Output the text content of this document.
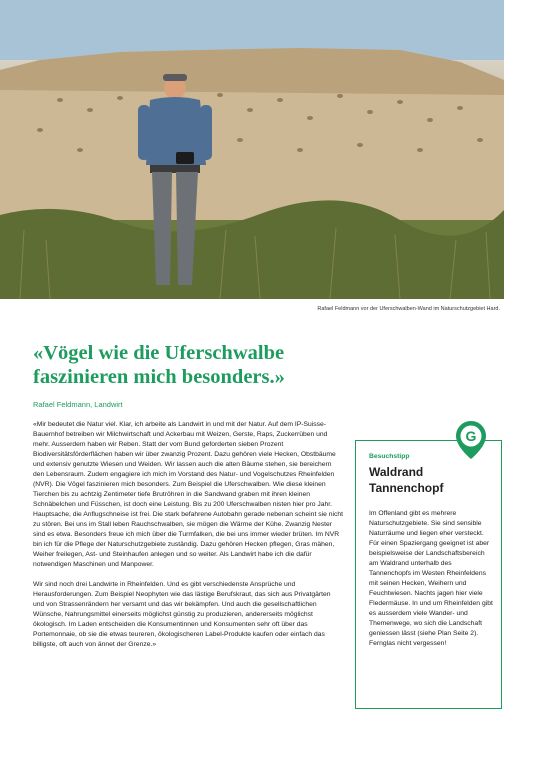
Rafael Feldmann vor der Uferschwalben-Wand im Naturschutzgebiet Hard.
«Vögel wie die Uferschwalbe faszinieren mich besonders.»
Rafael Feldmann, Landwirt

«Mir bedeutet die Natur viel. Klar, ich arbeite als Landwirt in und mit der Natur. Auf dem IP-Suisse-Bauernhof betreiben wir Milchwirtschaft und Ackerbau mit Weizen, Gerste, Raps, Zuckerrüben und mehr. Ausserdem haben wir Reben. Statt der vom Bund geforderten sieben Prozent Biodiversitätsförderflächen haben wir über zwanzig Prozent. Dazu gehören viele Hecken, Obstbäume und extensiv genutzte Wiesen und Weiden. Wir lassen auch die alten Bäume stehen, sie bereichern den Lebensraum. Zudem engagiere ich mich im Vorstand des Natur- und Vogelschutzes Rheinfelden (NVR). Die Vögel faszinieren mich besonders. Zum Beispiel die Uferschwalben. Wie diese kleinen Tierchen bis zu achtzig Zentimeter tiefe Brutröhren in die Sandwand graben mit ihren kleinen Schnäbelchen und Füsschen, ist doch eine Leistung. Bis zu 200 Uferschwalben nisten hier pro Jahr. Hauptsache, die Anflugschneise ist frei. Die stark befahrene Autobahn gerade nebenan scheint sie nicht zu stören. Bei uns im Stall leben Rauchschwalben, sie mögen die Wärme der Kühe. Zwanzig Nester sind es etwa. Besonders freue ich mich über die Turmfalken, die bei uns immer wieder brüten. Im NVR bin ich für die Pflege der Naturschutzgebiete zuständig. Dazu gehören Hecken pflegen, Gras mähen, Weiher freilegen, Ast- und Steinhaufen anlegen und so weiter. Als Landwirt habe ich die dafür notwendigen Maschinen und Manpower.

Wir sind noch drei Landwirte in Rheinfelden. Und es gibt verschiedenste Ansprüche und Herausforderungen. Zum Beispiel Neophyten wie das lästige Berufskraut, das sich aus Privatgärten und von Strassenrändern her versamt und das wir bekämpfen. Und auch die gesellschaftlichen Wünsche, Nahrungsmittel einerseits möglichst günstig zu produzieren, andererseits möglichst ökologisch. Im Laden entscheiden die Konsumentinnen und Konsumenten sehr oft über das Portemonnaie, ob sie die etwas teureren, ökologischeren Label-Produkte kaufen oder einfach das billigste, oft auch von ännet der Grenze.»

Besuchstipp
Waldrand Tannenchopf

Im Offenland gibt es mehrere Naturschutzgebiete. Sie sind sensible Naturräume und liegen eher versteckt. Für einen Spaziergang geeignet ist aber beispielsweise der Landschaftsbereich am Waldrand unterhalb des Tannenchopfs im Westen Rheinfeldens mit seinen Hecken, Weihern und Feuchtwiesen. Nachts jagen hier viele Fledermäuse. In und um Rheinfelden gibt es ausserdem viele Wander- und Themenwege, wo sich die Landschaft geniessen lässt (siehe Plan Seite 2). Fernglas nicht vergessen!

G
